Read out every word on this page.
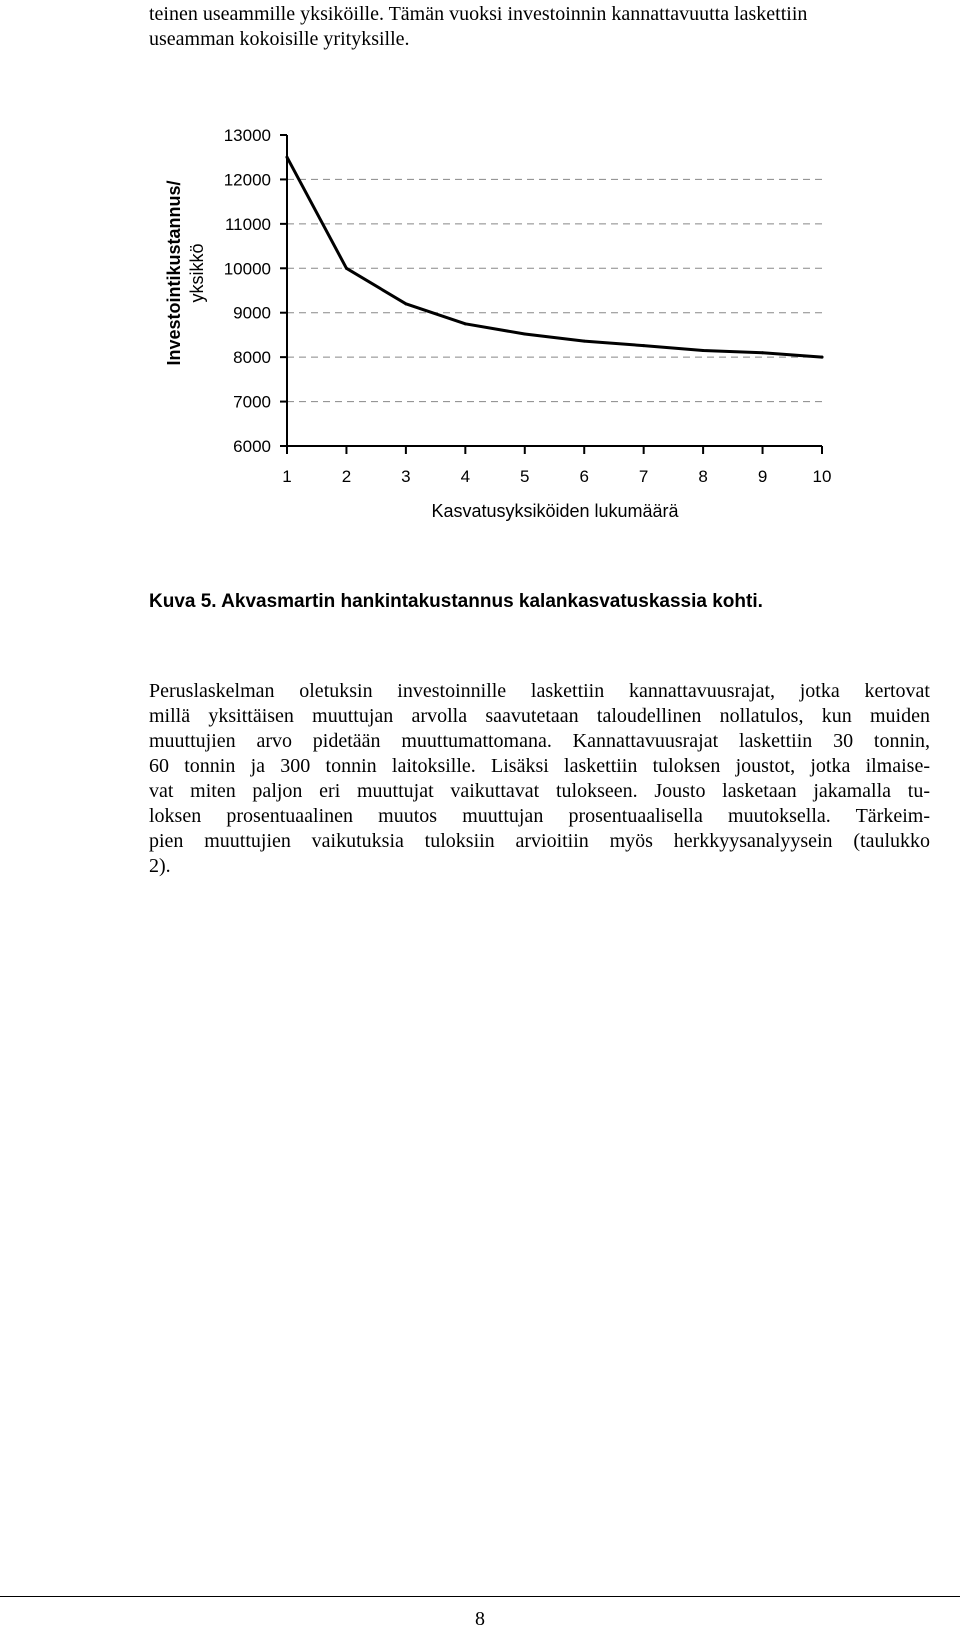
teinen useammille yksiköille. Tämän vuoksi investoinnin kannattavuutta laskettiin
useamman kokoisille yrityksille.
6000
7000
8000
9000
10000
11000
12000
13000
1	2	3	4	5	6	7	8	9	10
Kasvatusyksiköiden lukumäärä
Investointikustannus/ yksikkö
Kuva 5. Akvasmartin hankintakustannus kalankasvatuskassia kohti.
Peruslaskelman oletuksin investoinnille laskettiin kannattavuusrajat, jotka kertovat
millä yksittäisen muuttujan arvolla saavutetaan taloudellinen nollatulos, kun muiden
muuttujien arvo pidetään muuttumattomana. Kannattavuusrajat laskettiin 30 tonnin,
60 tonnin ja 300 tonnin laitoksille. Lisäksi laskettiin tuloksen joustot, jotka ilmaise-
vat miten paljon eri muuttujat vaikuttavat tulokseen. Jousto lasketaan jakamalla tu-
loksen prosentuaalinen muutos muuttujan prosentuaalisella muutoksella. Tärkeim-
pien muuttujien vaikutuksia tuloksiin arvioitiin myös herkkyysanalyysein (taulukko
2).
8
